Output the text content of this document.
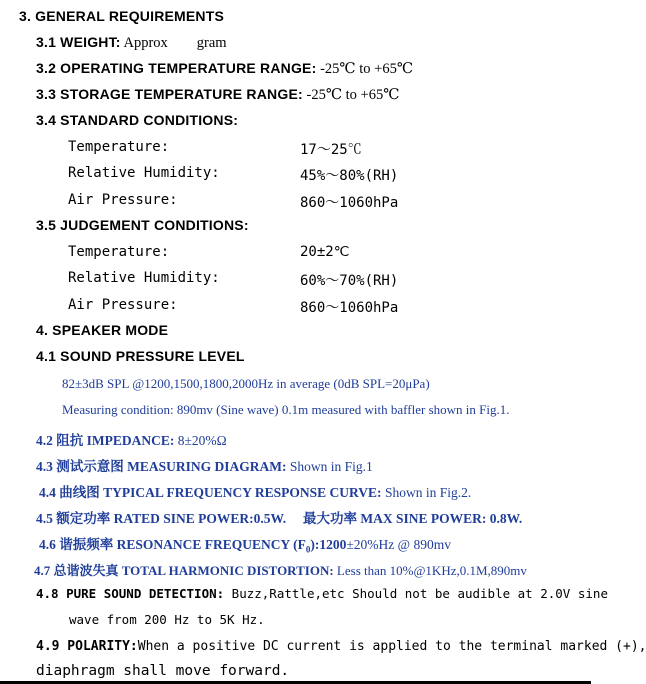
3. GENERAL REQUIREMENTS
3.1 WEIGHT: Approx        gram
3.2 OPERATING TEMPERATURE RANGE: -25℃ to +65℃
3.3 STORAGE TEMPERATURE RANGE: -25℃ to +65℃
3.4 STANDARD CONDITIONS:
Temperature:	17～25℃
Relative Humidity:	45%～80%(RH)
Air Pressure:	860～1060hPa
3.5 JUDGEMENT CONDITIONS:
Temperature:	20±2℃
Relative Humidity:	60%～70%(RH)
Air Pressure:	860～1060hPa
4. SPEAKER MODE
4.1 SOUND PRESSURE LEVEL
82±3dB SPL @1200,1500,1800,2000Hz in average (0dB SPL=20μPa)
Measuring condition: 890mv (Sine wave) 0.1m measured with baffler shown in Fig.1.
4.2 阻抗 IMPEDANCE: 8±20%Ω
4.3 测试示意图 MEASURING DIAGRAM: Shown in Fig.1
4.4 曲线图 TYPICAL FREQUENCY RESPONSE CURVE: Shown in Fig.2.
4.5 额定功率 RATED SINE POWER:0.5W.     最大功率 MAX SINE POWER: 0.8W.
4.6 谐振频率 RESONANCE FREQUENCY $(F_0):1200\pm 20\%Hz$ @ 890mv
4.7 总谐波失真 TOTAL HARMONIC DISTORTION: Less than 10%@1KHz,0.1M,890mv
4.8 PURE SOUND DETECTION: Buzz,Rattle,etc Should not be audible at 2.0V sine
wave from 200 Hz to 5K Hz.
4.9 POLARITY:When a positive DC current is applied to the terminal marked (+),
diaphragm shall move forward.
